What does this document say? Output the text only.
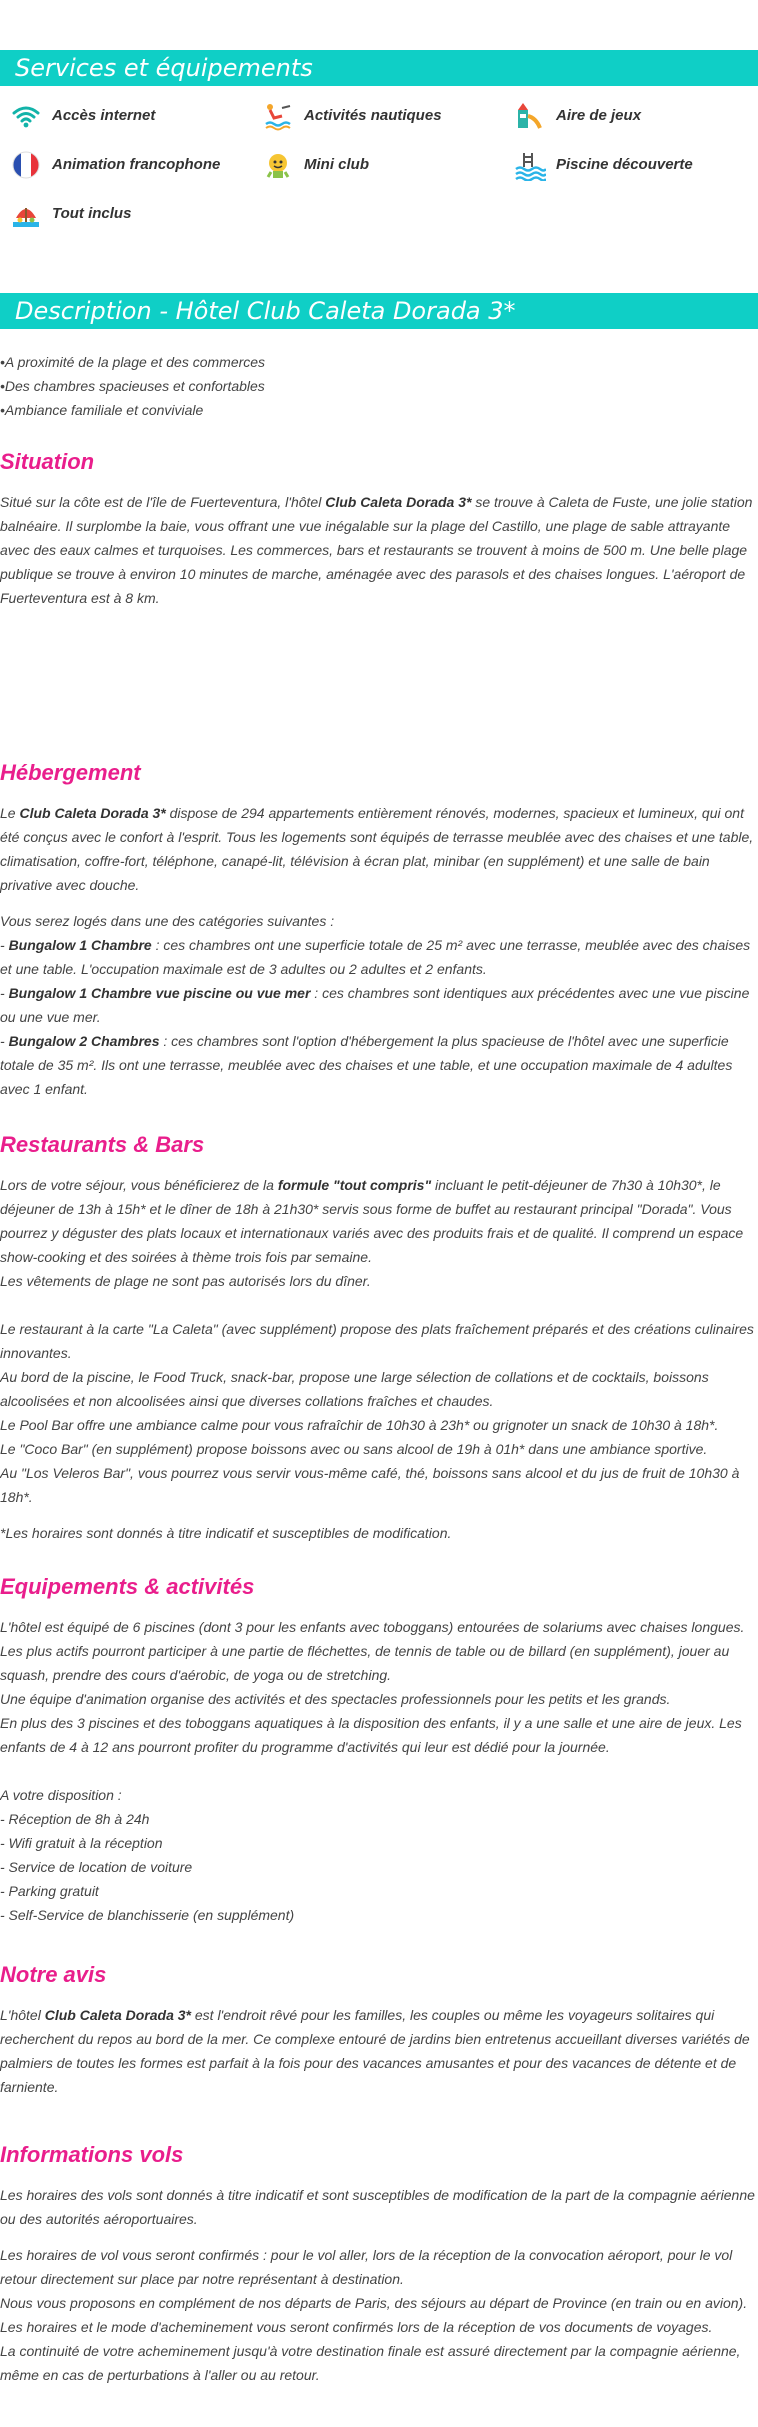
Services et équipements
Accès internet	Activités nautiques	Aire de jeux
Animation francophone	Mini club	Piscine découverte
Tout inclus
Description - Hôtel Club Caleta Dorada 3*
•A proximité de la plage et des commerces
•Des chambres spacieuses et confortables
•Ambiance familiale et conviviale
Situation

Situé sur la côte est de l'île de Fuerteventura, l'hôtel Club Caleta Dorada 3* se trouve à Caleta de Fuste, une jolie station balnéaire. Il surplombe la baie, vous offrant une vue inégalable sur la plage del Castillo, une plage de sable attrayante avec des eaux calmes et turquoises. Les commerces, bars et restaurants se trouvent à moins de 500 m. Une belle plage publique se trouve à environ 10 minutes de marche, aménagée avec des parasols et des chaises longues. L'aéroport de Fuerteventura est à 8 km.

Hébergement

Le Club Caleta Dorada 3* dispose de 294 appartements entièrement rénovés, modernes, spacieux et lumineux, qui ont été conçus avec le confort à l'esprit. Tous les logements sont équipés de terrasse meublée avec des chaises et une table, climatisation, coffre-fort, téléphone, canapé-lit, télévision à écran plat, minibar (en supplément) et une salle de bain privative avec douche.

Vous serez logés dans une des catégories suivantes :

- Bungalow 1 Chambre : ces chambres ont une superficie totale de 25 m² avec une terrasse, meublée avec des chaises et une table. L'occupation maximale est de 3 adultes ou 2 adultes et 2 enfants.

- Bungalow 1 Chambre vue piscine ou vue mer : ces chambres sont identiques aux précédentes avec une vue piscine ou une vue mer.

- Bungalow 2 Chambres : ces chambres sont l'option d'hébergement la plus spacieuse de l'hôtel avec une superficie totale de 35 m². Ils ont une terrasse, meublée avec des chaises et une table, et une occupation maximale de 4 adultes avec 1 enfant.

Restaurants & Bars

Lors de votre séjour, vous bénéficierez de la formule "tout compris" incluant le petit-déjeuner de 7h30 à 10h30*, le déjeuner de 13h à 15h* et le dîner de 18h à 21h30* servis sous forme de buffet au restaurant principal "Dorada". Vous pourrez y déguster des plats locaux et internationaux variés avec des produits frais et de qualité. Il comprend un espace show-cooking et des soirées à thème trois fois par semaine.

Les vêtements de plage ne sont pas autorisés lors du dîner.

Le restaurant à la carte "La Caleta" (avec supplément) propose des plats fraîchement préparés et des créations culinaires innovantes.

Au bord de la piscine, le Food Truck, snack-bar, propose une large sélection de collations et de cocktails, boissons alcoolisées et non alcoolisées ainsi que diverses collations fraîches et chaudes.

Le Pool Bar offre une ambiance calme pour vous rafraîchir de 10h30 à 23h* ou grignoter un snack de 10h30 à 18h*.

Le "Coco Bar" (en supplément) propose boissons avec ou sans alcool de 19h à 01h* dans une ambiance sportive.

Au "Los Veleros Bar", vous pourrez vous servir vous-même café, thé, boissons sans alcool et du jus de fruit de 10h30 à 18h*.

*Les horaires sont donnés à titre indicatif et susceptibles de modification.

Equipements & activités

L'hôtel est équipé de 6 piscines (dont 3 pour les enfants avec toboggans) entourées de solariums avec chaises longues. Les plus actifs pourront participer à une partie de fléchettes, de tennis de table ou de billard (en supplément), jouer au squash, prendre des cours d'aérobic, de yoga ou de stretching.

Une équipe d'animation organise des activités et des spectacles professionnels pour les petits et les grands.

En plus des 3 piscines et des toboggans aquatiques à la disposition des enfants, il y a une salle et une aire de jeux. Les enfants de 4 à 12 ans pourront profiter du programme d'activités qui leur est dédié pour la journée.

A votre disposition :

- Réception de 8h à 24h

- Wifi gratuit à la réception

- Service de location de voiture

- Parking gratuit

- Self-Service de blanchisserie (en supplément)

Notre avis

L'hôtel Club Caleta Dorada 3* est l'endroit rêvé pour les familles, les couples ou même les voyageurs solitaires qui recherchent du repos au bord de la mer. Ce complexe entouré de jardins bien entretenus accueillant diverses variétés de palmiers de toutes les formes est parfait à la fois pour des vacances amusantes et pour des vacances de détente et de farniente.

Informations vols

Les horaires des vols sont donnés à titre indicatif et sont susceptibles de modification de la part de la compagnie aérienne ou des autorités aéroportuaires.

Les horaires de vol vous seront confirmés : pour le vol aller, lors de la réception de la convocation aéroport, pour le vol retour directement sur place par notre représentant à destination.

Nous vous proposons en complément de nos départs de Paris, des séjours au départ de Province (en train ou en avion).

Les horaires et le mode d'acheminement vous seront confirmés lors de la réception de vos documents de voyages.

La continuité de votre acheminement jusqu'à votre destination finale est assuré directement par la compagnie aérienne, même en cas de perturbations à l'aller ou au retour.
